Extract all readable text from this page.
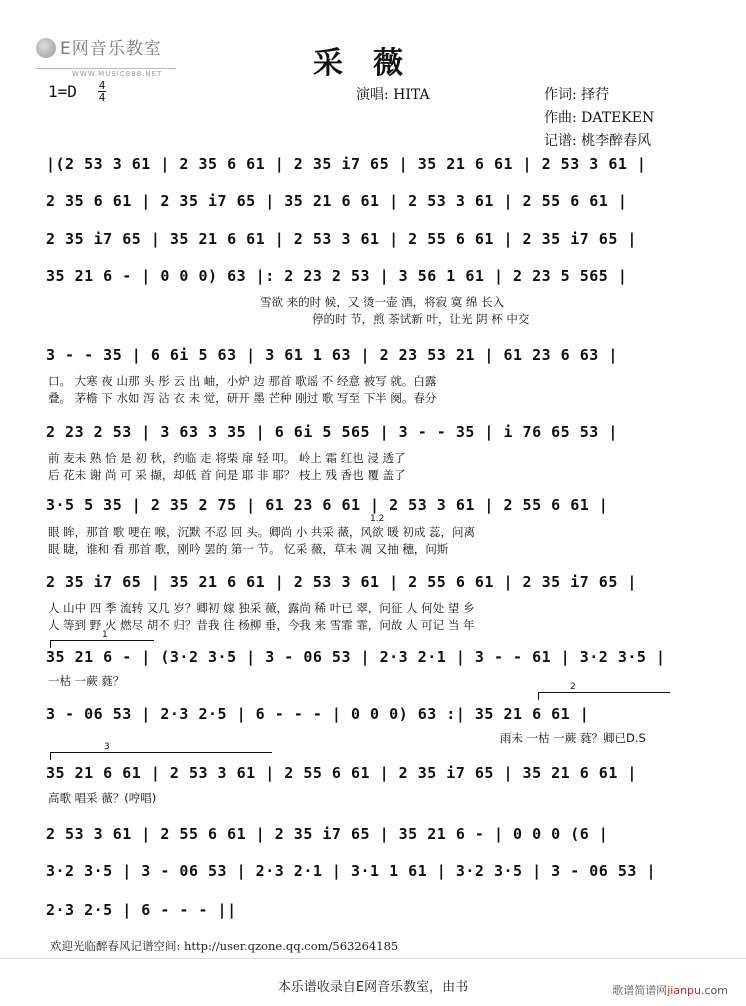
E网音乐教室
WWW.MUSIC888.NET	采薇
1=D 4
4	演唱: HITA	作词: 择荇
作曲: DATEKEN
记谱: 桃李醉春风
|(2 53 3 61 | 2 35 6 61 | 2 35 i7 65 | 35 21 6 61 | 2 53 3 61 |
2 35 6 61 | 2 35 i7 65 | 35 21 6 61 | 2 53 3 61 | 2 55 6 61 |
2 35 i7 65 | 35 21 6 61 | 2 53 3 61 | 2 55 6 61 | 2 35 i7 65 |
35 21 6 - | 0 0 0) 63 |: 2 23 2 53 | 3 56 1 61 | 2 23 5 565 |
雪欲 来的时 候，又 烫一壶 酒，将寂 寞 绵 长入
停的时 节，煎 茶试新 叶，让光 阴 杯 中交
3 - - 35 | 6 6i 5 63 | 3 61 1 63 | 2 23 53 21 | 61 23 6 63 |
口。 大寒 夜 山那 头 彤 云 出 岫，小炉 边 那首 歌谣 不 经意 被写 就。白露
叠。 茅檐 下 水如 泻 沾 衣 未 觉，研开 墨 芒种 刚过 歌 写至 下半 阕。春分
2 23 2 53 | 3 63 3 35 | 6 6i 5 565 | 3 - - 35 | i 76 65 53 |
前 麦未 熟 恰 是 初 秋，约临 走 将柴 扉 轻 叩。 岭上 霜 红也 浸 透了
后 花未 谢 尚 可 采 撷，却低 首 问是 耶 非 耶？ 枝上 残 香也 覆 盖了
3·5 5 35 | 2 35 2 75 | 61 23 6 61 | 2 53 3 61 | 2 55 6 61 |
1.2
眼 眸，那首 歌 哽在 喉，沉默 不忍 回 头。卿尚 小 共采 薇，风欲 暖 初成 蕊，问离
眼 睫，谁和 看 那首 歌，刚吟 罢的 第一 节。 忆采 薇，草未 凋 又抽 穗，问斯
2 35 i7 65 | 35 21 6 61 | 2 53 3 61 | 2 55 6 61 | 2 35 i7 65 |
人 山中 四 季 流转 又几 岁？卿初 嫁 独采 薇，露尚 稀 叶已 翠，问征 人 何处 望 乡
人 等到 野 火 燃尽 胡不 归？昔我 往 杨柳 垂，今我 来 雪霏 霏，问故 人 可记 当 年
1
35 21 6 - | (3·2 3·5 | 3 - 06 53 | 2·3 2·1 | 3 - - 61 | 3·2 3·5 |
一枯 一蕨 蕤？	2
3 - 06 53 | 2·3 2·5 | 6 - - - | 0 0 0) 63 :| 35 21 6 61 |
雨未 一枯 一蕨 蕤？卿已D.S
3
35 21 6 61 | 2 53 3 61 | 2 55 6 61 | 2 35 i7 65 | 35 21 6 61 |
高歌 唱采 薇？(哼唱)
2 53 3 61 | 2 55 6 61 | 2 35 i7 65 | 35 21 6 - | 0 0 0 (6 |
3·2 3·5 | 3 - 06 53 | 2·3 2·1 | 3·1 1 61 | 3·2 3·5 | 3 - 06 53 |
2·3 2·5 | 6 - - - ||
欢迎光临醉春风记谱空间: http://user.qzone.qq.com/563264185
本乐谱收录自E网音乐教室，由书	歌谱简谱网jianpu.com
